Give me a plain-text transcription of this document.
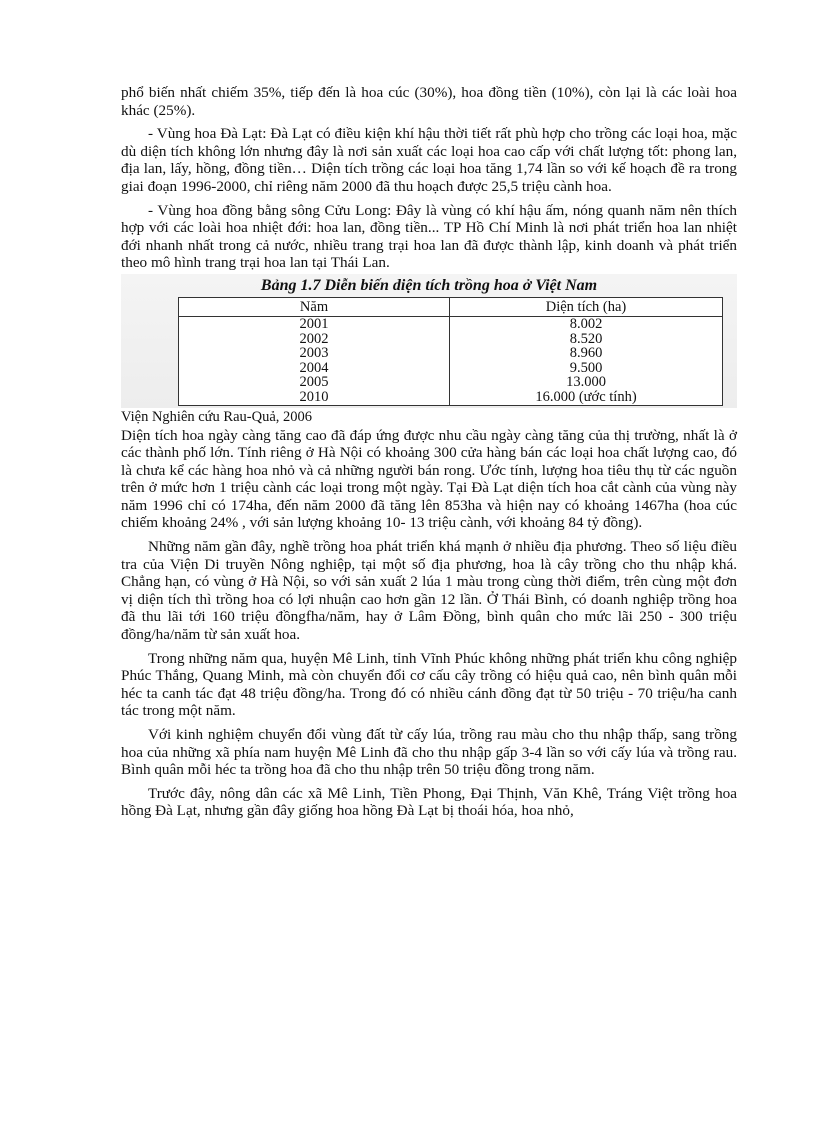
phổ biến nhất chiếm 35%, tiếp đến là hoa cúc (30%), hoa đồng tiền (10%), còn lại là các loài hoa khác (25%).

- Vùng hoa Đà Lạt: Đà Lạt có điều kiện khí hậu thời tiết rất phù hợp cho trồng các loại hoa, mặc dù diện tích không lớn nhưng đây là nơi sản xuất các loại hoa cao cấp với chất lượng tốt: phong lan, địa lan, lấy, hồng, đồng tiền… Diện tích trồng các loại hoa tăng 1,74 lần so với kế hoạch đề ra trong giai đoạn 1996-2000, chỉ riêng năm 2000 đã thu hoạch được 25,5 triệu cành hoa.

- Vùng hoa đồng bằng sông Cửu Long: Đây là vùng có khí hậu ấm, nóng quanh năm nên thích hợp với các loài hoa nhiệt đới: hoa lan, đồng tiền... TP Hồ Chí Minh là nơi phát triển hoa lan nhiệt đới nhanh nhất trong cả nước, nhiều trang trại hoa lan đã được thành lập, kinh doanh và phát triển theo mô hình trang trại hoa lan tại Thái Lan.

Bảng 1.7 Diễn biến diện tích trồng hoa ở Việt Nam
Năm	Diện tích (ha)
2001	8.002
2002	8.520
2003	8.960
2004	9.500
2005	13.000
2010	16.000 (ước tính)

Viện Nghiên cứu Rau-Quả, 2006

Diện tích hoa ngày càng tăng cao đã đáp ứng được nhu cầu ngày càng tăng của thị trường, nhất là ở các thành phố lớn. Tính riêng ở Hà Nội có khoảng 300 cửa hàng bán các loại hoa chất lượng cao, đó là chưa kể các hàng hoa nhỏ và cả những người bán rong. Ước tính, lượng hoa tiêu thụ từ các nguồn trên ở mức hơn 1 triệu cành các loại trong một ngày. Tại Đà Lạt diện tích hoa cắt cành của vùng này năm 1996 chỉ có 174ha, đến năm 2000 đã tăng lên 853ha và hiện nay có khoảng 1467ha (hoa cúc chiếm khoảng 24% , với sản lượng khoảng 10- 13 triệu cành, với khoảng 84 tỷ đồng).

Những năm gần đây, nghề trồng hoa phát triển khá mạnh ở nhiều địa phương. Theo số liệu điều tra của Viện Di truyền Nông nghiệp, tại một số địa phương, hoa là cây trồng cho thu nhập khá. Chẳng hạn, có vùng ở Hà Nội, so với sản xuất 2 lúa 1 màu trong cùng thời điểm, trên cùng một đơn vị diện tích thì trồng hoa có lợi nhuận cao hơn gần 12 lần. Ở Thái Bình, có doanh nghiệp trồng hoa đã thu lãi tới 160 triệu đồngfha/năm, hay ở Lâm Đồng, bình quân cho mức lãi 250 - 300 triệu đồng/ha/năm từ sản xuất hoa.

Trong những năm qua, huyện Mê Linh, tỉnh Vĩnh Phúc không những phát triển khu công nghiệp Phúc Thắng, Quang Minh, mà còn chuyển đổi cơ cấu cây trồng có hiệu quả cao, nên bình quân mỗi héc ta canh tác đạt 48 triệu đồng/ha. Trong đó có nhiều cánh đồng đạt từ 50 triệu - 70 triệu/ha canh tác trong một năm.

Với kinh nghiệm chuyển đổi vùng đất từ cấy lúa, trồng rau màu cho thu nhập thấp, sang trồng hoa của những xã phía nam huyện Mê Linh đã cho thu nhập gấp 3-4 lần so với cấy lúa và trồng rau. Bình quân mỗi héc ta trồng hoa đã cho thu nhập trên 50 triệu đồng trong năm.

Trước đây, nông dân các xã Mê Linh, Tiền Phong, Đại Thịnh, Văn Khê, Tráng Việt trồng hoa hồng Đà Lạt, nhưng gần đây giống hoa hồng Đà Lạt bị thoái hóa, hoa nhỏ,
